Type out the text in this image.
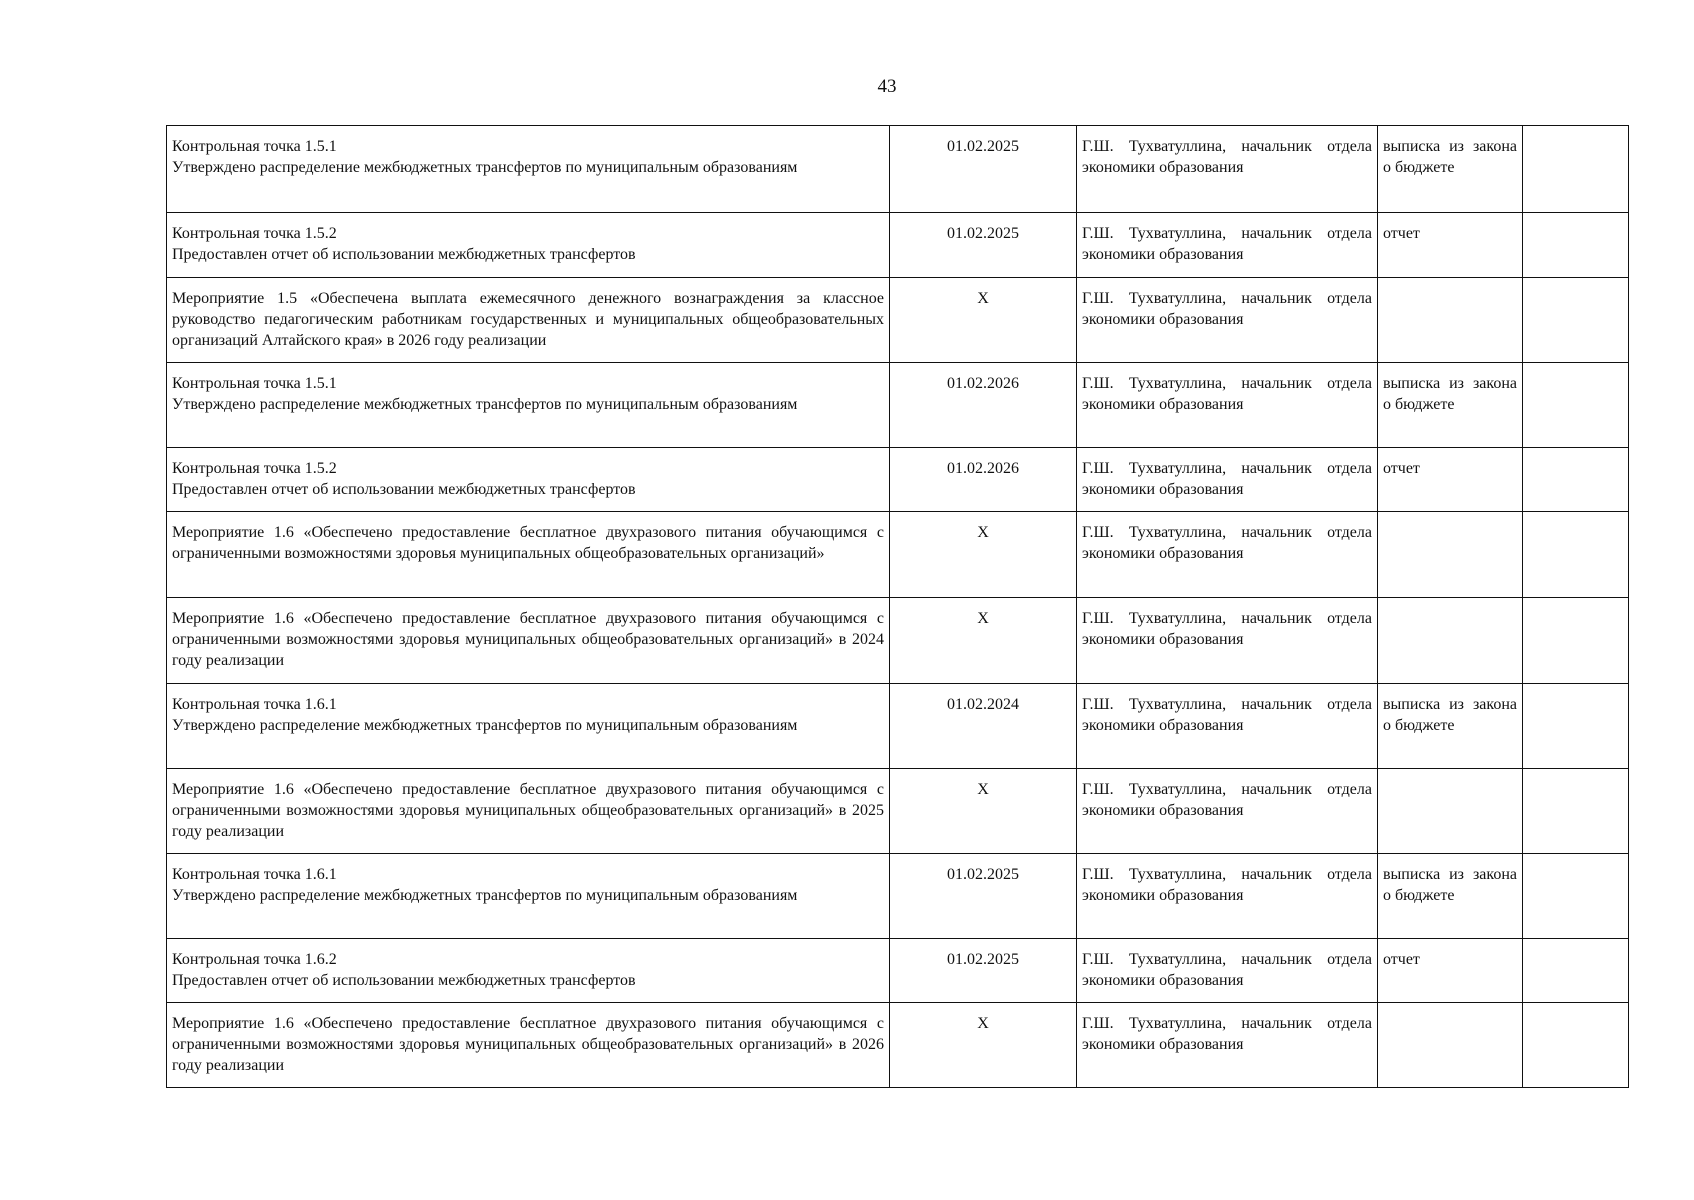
43
Контрольная точка 1.5.1
Утверждено распределение межбюджетных трансфертов по муниципальным образованиям	01.02.2025	Г.Ш. Тухватуллина, начальник отдела экономики образования	выписка из закона о бюджете	

Контрольная точка 1.5.2
Предоставлен отчет об использовании межбюджетных трансфертов	01.02.2025	Г.Ш. Тухватуллина, начальник отдела экономики образования	отчет	

Мероприятие 1.5 «Обеспечена выплата ежемесячного денежного вознаграждения за классное руководство педагогическим работникам государственных и муниципальных общеобразовательных организаций Алтайского края» в 2026 году реализации	Х	Г.Ш. Тухватуллина, начальник отдела экономики образования		

Контрольная точка 1.5.1
Утверждено распределение межбюджетных трансфертов по муниципальным образованиям	01.02.2026	Г.Ш. Тухватуллина, начальник отдела экономики образования	выписка из закона о бюджете	

Контрольная точка 1.5.2
Предоставлен отчет об использовании межбюджетных трансфертов	01.02.2026	Г.Ш. Тухватуллина, начальник отдела экономики образования	отчет	

Мероприятие 1.6 «Обеспечено предоставление бесплатное двухразового питания обучающимся с ограниченными возможностями здоровья муниципальных общеобразовательных организаций»	Х	Г.Ш. Тухватуллина, начальник отдела экономики образования		

Мероприятие 1.6 «Обеспечено предоставление бесплатное двухразового питания обучающимся с ограниченными возможностями здоровья муниципальных общеобразовательных организаций» в 2024 году реализации	Х	Г.Ш. Тухватуллина, начальник отдела экономики образования		

Контрольная точка 1.6.1
Утверждено распределение межбюджетных трансфертов по муниципальным образованиям	01.02.2024	Г.Ш. Тухватуллина, начальник отдела экономики образования	выписка из закона о бюджете	

Мероприятие 1.6 «Обеспечено предоставление бесплатное двухразового питания обучающимся с ограниченными возможностями здоровья муниципальных общеобразовательных организаций» в 2025 году реализации	Х	Г.Ш. Тухватуллина, начальник отдела экономики образования		

Контрольная точка 1.6.1
Утверждено распределение межбюджетных трансфертов по муниципальным образованиям	01.02.2025	Г.Ш. Тухватуллина, начальник отдела экономики образования	выписка из закона о бюджете	

Контрольная точка 1.6.2
Предоставлен отчет об использовании межбюджетных трансфертов	01.02.2025	Г.Ш. Тухватуллина, начальник отдела экономики образования	отчет	

Мероприятие 1.6 «Обеспечено предоставление бесплатное двухразового питания обучающимся с ограниченными возможностями здоровья муниципальных общеобразовательных организаций» в 2026 году реализации	Х	Г.Ш. Тухватуллина, начальник отдела экономики образования		
